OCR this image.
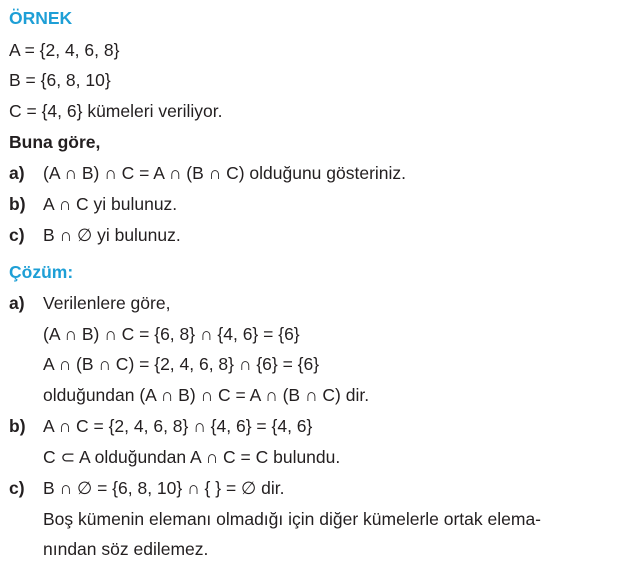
ÖRNEK
A = {2, 4, 6, 8}
B = {6, 8, 10}
C = {4, 6} kümeleri veriliyor.
Buna göre,
a) (A ∩ B) ∩ C = A ∩ (B ∩ C) olduğunu gösteriniz.
b) A ∩ C yi bulunuz.
c) B ∩ ∅ yi bulunuz.
Çözüm:
a) Verilenlere göre,
(A ∩ B) ∩ C = {6, 8} ∩ {4, 6} = {6}
A ∩ (B ∩ C) = {2, 4, 6, 8} ∩ {6} = {6}
olduğundan (A ∩ B) ∩ C = A ∩ (B ∩ C) dir.
b) A ∩ C = {2, 4, 6, 8} ∩ {4, 6} = {4, 6}
C ⊂ A olduğundan A ∩ C = C bulundu.
c) B ∩ ∅ = {6, 8, 10} ∩ { } = ∅ dir.
Boş kümenin elemanı olmadığı için diğer kümelerle ortak elema-
nından söz edilemez.
